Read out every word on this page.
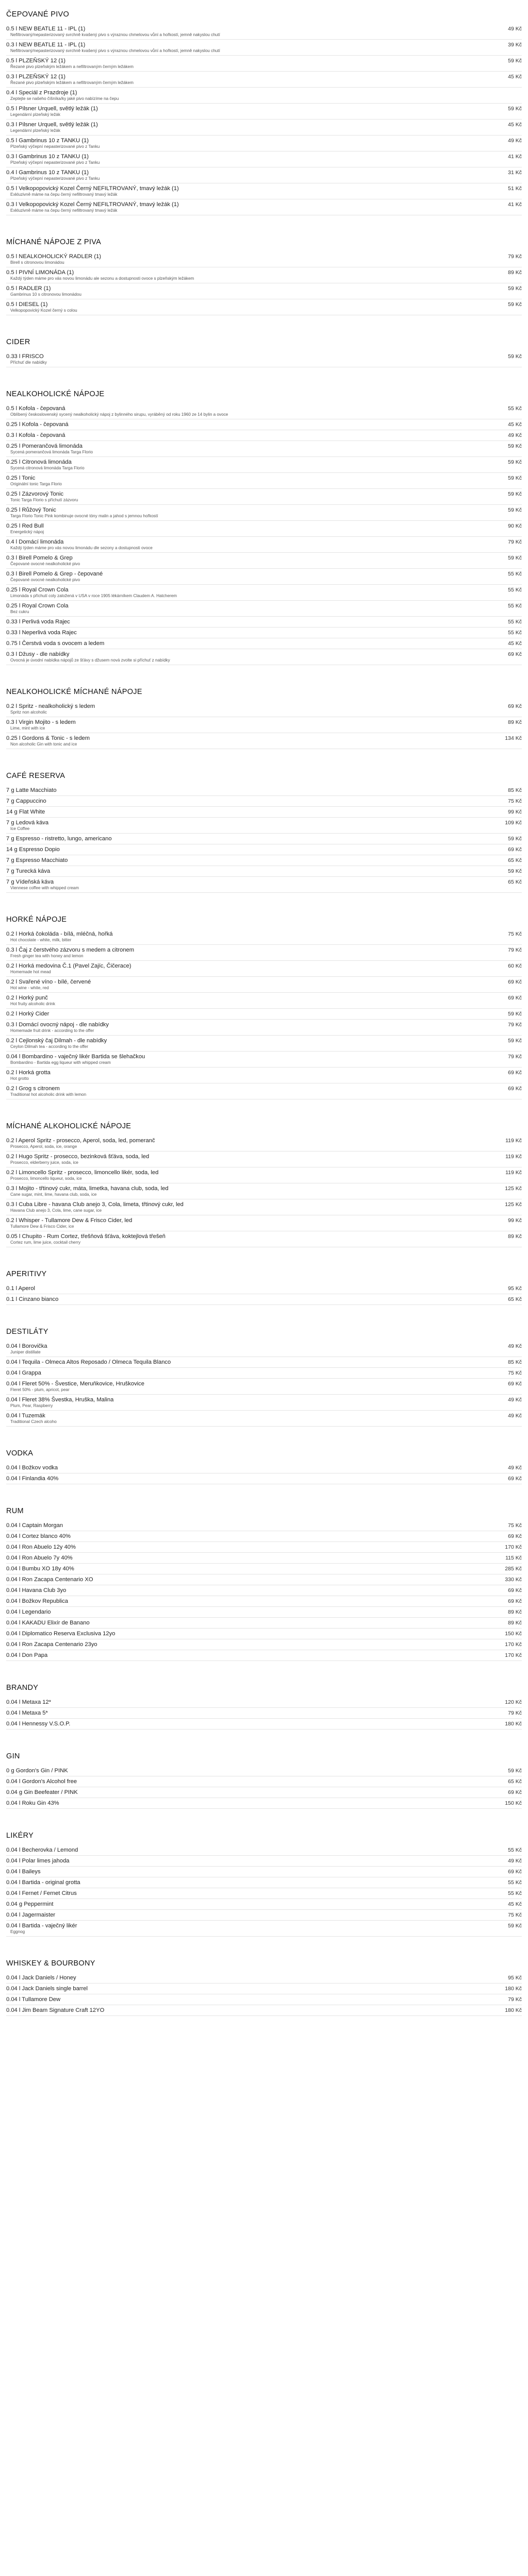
ČEPOVANÉ PIVO
0.5 l NEW BEATLE 11 - IPL (1)	49 Kč
Nefiltrovaný/nepasterizovaný svrchně kvašený pivo s výraznou chmelovou vůní a hořkostí, jemně nakyslou chutí
0.3 l NEW BEATLE 11 - IPL (1)	39 Kč
Nefiltrovaný/nepasterizovaný svrchně kvašený pivo s výraznou chmelovou vůní a hořkostí, jemně nakyslou chutí
0.5 l PLZEŇSKÝ 12 (1)	59 Kč
Řezané pivo plzeňským ležákem a nefiltrovaným černým ležákem
0.3 l PLZEŇSKÝ 12 (1)	45 Kč
Řezané pivo plzeňským ležákem a nefiltrovaným černým ležákem
0.4 l Speciál z Prazdroje (1)
Zeptejte se našeho číšníka/ky jaké pivo nabízíme na čepu
0.5 l Pilsner Urquell, světlý ležák (1)	59 Kč
Legendární plzeňský ležák
0.3 l Pilsner Urquell, světlý ležák (1)	45 Kč
Legendární plzeňský ležák
0.5 l Gambrinus 10 z TANKU (1)	49 Kč
Plzeňský výčepní nepasterizované pivo z Tanku
0.3 l Gambrinus 10 z TANKU (1)	41 Kč
Plzeňský výčepní nepasterizované pivo z Tanku
0.4 l Gambrinus 10 z TANKU (1)	31 Kč
Plzeňský výčepní nepasterizované pivo z Tanku
0.5 l Velkopopovický Kozel Černý NEFILTROVANÝ, tmavý ležák (1)	51 Kč
Exkluzivně máme na čepu černý nefiltrovaný tmavý ležák
0.3 l Velkopopovický Kozel Černý NEFILTROVANÝ, tmavý ležák (1)	41 Kč
Exkluzivně máme na čepu černý nefiltrovaný tmavý ležák
MÍCHANÉ NÁPOJE Z PIVA
0.5 l NEALKOHOLICKÝ RADLER (1)	79 Kč
Birell s citronovou limonádou
0.5 l PIVNÍ LIMONÁDA (1)	89 Kč
Každý týden máme pro vás novou limonádu ale sezonu a dostupnosti ovoce s plzeňským ležákem
0.5 l RADLER (1)	59 Kč
Gambrinus 10 s citronovou limonádou
0.5 l DIESEL (1)	59 Kč
Velkopopovický Kozel černý s colou
CIDER
0.33 l FRISCO	59 Kč
Příchuť dle nabídky
NEALKOHOLICKÉ NÁPOJE
0.5 l Kofola - čepovaná	55 Kč
Oblíbený československý sycený nealkoholický nápoj z bylinného sirupu, vyráběný od roku 1960 ze 14 bylin a ovoce
0.25 l Kofola - čepovaná	45 Kč
0.3 l Kofola - čepovaná	49 Kč
0.25 l Pomerančová limonáda	59 Kč
Sycená pomerančová limonáda Targa Florio
0.25 l Citronová limonáda	59 Kč
Sycená citronová limonáda Targa Florio
0.25 l Tonic	59 Kč
Originální tonic Targa Florio
0.25 l Zázvorový Tonic	59 Kč
Tonic Targa Florio s příchutí zázvoru
0.25 l Růžový Tonic	59 Kč
Targa Florio Tonic Pink kombinuje ovocné tóny malin a jahod s jemnou hořkostí
0.25 l Red Bull	90 Kč
Energetický nápoj
0.4 l Domácí limonáda	79 Kč
Každý týden máme pro vás novou limonádu dle sezony a dostupnosti ovoce
0.3 l Birell Pomelo & Grep	59 Kč
Čepované ovocné nealkoholické pivo
0.3 l Birell Pomelo & Grep - čepované	55 Kč
Čepované ovocné nealkoholické pivo
0.25 l Royal Crown Cola	55 Kč
Limonáda s příchutí coly založená v USA v roce 1905 lékárníkem Claudem A. Hatcherem
0.25 l Royal Crown Cola	55 Kč
Bez cukru
0.33 l Perlivá voda Rajec	55 Kč
0.33 l Neperlivá voda Rajec	55 Kč
0.75 l Čerstvá voda s ovocem a ledem	45 Kč
0.3 l Džusy - dle nabídky	69 Kč
Ovocná je úvodní nabídka nápojů ze šťávy s džusem nová zvolte si příchuť z nabídky
NEALKOHOLICKÉ MÍCHANÉ NÁPOJE
0.2 l Spritz - nealkoholický s ledem	69 Kč
Spritz non alcoholic
0.3 l Virgin Mojito - s ledem	89 Kč
Lime, mint with ice
0.25 l Gordons & Tonic - s ledem	134 Kč
Non alcoholic Gin with tonic and ice
CAFÉ RESERVA
7 g Latte Macchiato	85 Kč
7 g Cappuccino	75 Kč
14 g Flat White	99 Kč
7 g Ledová káva	109 Kč
Ice Coffee
7 g Espresso - ristretto, lungo, americano	59 Kč
14 g Espresso Dopio	69 Kč
7 g Espresso Macchiato	65 Kč
7 g Turecká káva	59 Kč
7 g Vídeňská káva	65 Kč
Viennese coffee with whipped cream
HORKÉ NÁPOJE
0.2 l Horká čokoláda - bílá, mléčná, hořká	75 Kč
Hot chocolate - white, milk, bitter
0.3 l Čaj z čerstvého zázvoru s medem a citronem	79 Kč
Fresh ginger tea with honey and lemon
0.2 l Horká medovina Č.1 (Pavel Zajíc, Čičerace)	60 Kč
Homemade hot mead
0.2 l Svařené víno - bílé, červené	69 Kč
Hot wine - white, red
0.2 l Horký punč	69 Kč
Hot fruity alcoholic drink
0.2 l Horký Cider	59 Kč
0.3 l Domácí ovocný nápoj - dle nabídky	79 Kč
Homemade fruit drink - according to the offer
0.2 l Cejlonský čaj Dilmah - dle nabídky	59 Kč
Ceylon Dilmah tea - according to the offer
0.04 l Bombardino - vaječný likér Bartida se šlehačkou	79 Kč
Bombardino - Bartida egg liqueur with whipped cream
0.2 l Horká grotta	69 Kč
Hot grotto
0.2 l Grog s citronem	69 Kč
Traditional hot alcoholic drink with lemon
MÍCHANÉ ALKOHOLICKÉ NÁPOJE
0.2 l Aperol Spritz - prosecco, Aperol, soda, led, pomeranč	119 Kč
Prosecco, Aperol, soda, ice, orange
0.2 l Hugo Spritz - prosecco, bezinková šťáva, soda, led	119 Kč
Prosecco, elderberry juice, soda, ice
0.2 l Limoncello Spritz - prosecco, limoncello likér, soda, led	119 Kč
Prosecco, limoncello liqueur, soda, ice
0.3 l Mojito - třtinový cukr, máta, limetka, havana club, soda, led	125 Kč
Cane sugar, mint, lime, havana club, soda, ice
0.3 l Cuba Libre - havana Club anejo 3, Cola, limeta, třtinový cukr, led	125 Kč
Havana Club anejo 3, Cola, lime, cane sugar, ice
0.2 l Whisper - Tullamore Dew & Frisco Cider, led	99 Kč
Tullamore Dew & Frisco Cider, ice
0.05 l Chupito - Rum Cortez, třešňová šťáva, koktejlová třešeň	89 Kč
Cortez rum, lime juice, cocktail cherry
APERITIVY
0.1 l Aperol	95 Kč
0.1 l Cinzano bianco	65 Kč
DESTILÁTY
0.04 l Borovička	49 Kč
Juniper distillate
0.04 l Tequila - Olmeca Altos Reposado / Olmeca Tequila Blanco	85 Kč
0.04 l Grappa	75 Kč
0.04 l Fleret 50% - Švestice, Meruňkovice, Hruškovice	69 Kč
Fleret 50% - plum, apricot, pear
0.04 l Fleret 38% Švestka, Hruška, Malina	49 Kč
Plum, Pear, Raspberry
0.04 l Tuzemák	49 Kč
Traditional Czech alcoho
VODKA
0.04 l Božkov vodka	49 Kč
0.04 l Finlandia 40%	69 Kč
RUM
0.04 l Captain Morgan	75 Kč
0.04 l Cortez blanco 40%	69 Kč
0.04 l Ron Abuelo 12y 40%	170 Kč
0.04 l Ron Abuelo 7y 40%	115 Kč
0.04 l Bumbu XO 18y 40%	285 Kč
0.04 l Ron Zacapa Centenario XO	330 Kč
0.04 l Havana Club 3yo	69 Kč
0.04 l Božkov Republica	69 Kč
0.04 l Legendario	89 Kč
0.04 l KAKADU Elixír de Banano	89 Kč
0.04 l Diplomatico Reserva Exclusiva 12yo	150 Kč
0.04 l Ron Zacapa Centenario 23yo	170 Kč
0.04 l Don Papa	170 Kč
BRANDY
0.04 l Metaxa 12*	120 Kč
0.04 l Metaxa 5*	79 Kč
0.04 l Hennessy V.S.O.P.	180 Kč
GIN
0 g Gordon's Gin / PINK	59 Kč
0.04 l Gordon's Alcohol free	65 Kč
0.04 g Gin Beefeater / PINK	69 Kč
0.04 l Roku Gin 43%	150 Kč
LIKÉRY
0.04 l Becherovka / Lemond	55 Kč
0.04 l Polar limes jahoda	49 Kč
0.04 l Baileys	69 Kč
0.04 l Bartida - original grotta	55 Kč
0.04 l Fernet / Fernet Citrus	55 Kč
0.04 g Peppermint	45 Kč
0.04 l Jagermaister	75 Kč
0.04 l Bartida - vaječný likér	59 Kč
Eggnog
WHISKEY & BOURBONY
0.04 l Jack Daniels / Honey	95 Kč
0.04 l Jack Daniels single barrel	180 Kč
0.04 l Tullamore Dew	79 Kč
0.04 l Jim Beam Signature Craft 12YO	180 Kč
